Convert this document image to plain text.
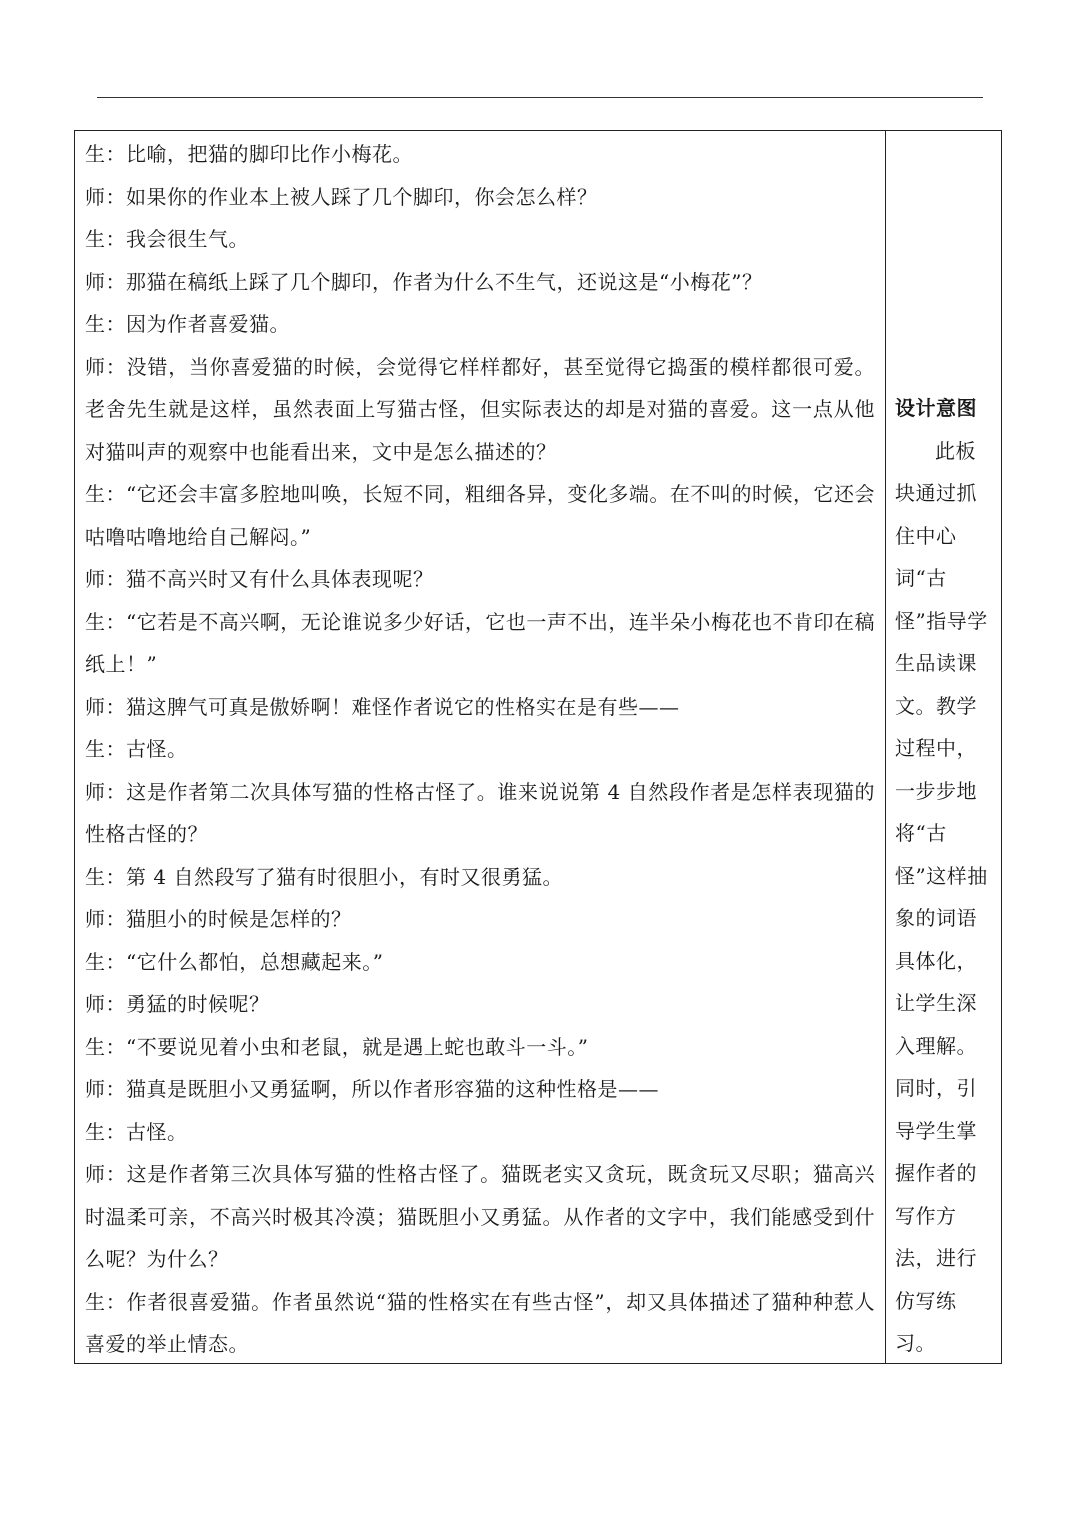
生：比喻，把猫的脚印比作小梅花。

师：如果你的作业本上被人踩了几个脚印，你会怎么样？

生：我会很生气。

师：那猫在稿纸上踩了几个脚印，作者为什么不生气，还说这是“小梅花”？

生：因为作者喜爱猫。

师：没错，当你喜爱猫的时候，会觉得它样样都好，甚至觉得它捣蛋的模样都很可爱。老舍先生就是这样，虽然表面上写猫古怪，但实际表达的却是对猫的喜爱。这一点从他对猫叫声的观察中也能看出来，文中是怎么描述的？

生：“它还会丰富多腔地叫唤，长短不同，粗细各异，变化多端。在不叫的时候，它还会咕噜咕噜地给自己解闷。”

师：猫不高兴时又有什么具体表现呢？

生：“它若是不高兴啊，无论谁说多少好话，它也一声不出，连半朵小梅花也不肯印在稿纸上！”

师：猫这脾气可真是傲娇啊！难怪作者说它的性格实在是有些——

生：古怪。

师：这是作者第二次具体写猫的性格古怪了。谁来说说第 4 自然段作者是怎样表现猫的性格古怪的？

生：第 4 自然段写了猫有时很胆小，有时又很勇猛。

师：猫胆小的时候是怎样的？

生：“它什么都怕，总想藏起来。”

师：勇猛的时候呢？

生：“不要说见着小虫和老鼠，就是遇上蛇也敢斗一斗。”

师：猫真是既胆小又勇猛啊，所以作者形容猫的这种性格是——

生：古怪。

师：这是作者第三次具体写猫的性格古怪了。猫既老实又贪玩，既贪玩又尽职；猫高兴时温柔可亲，不高兴时极其冷漠；猫既胆小又勇猛。从作者的文字中，我们能感受到什么呢？为什么？

生：作者很喜爱猫。作者虽然说“猫的性格实在有些古怪”，却又具体描述了猫种种惹人喜爱的举止情态。

设计意图

此板块通过抓住中心词“古怪”指导学生品读课文。教学过程中，一步步地将“古怪”这样抽象的词语具体化，让学生深入理解。同时，引导学生掌握作者的写作方法，进行仿写练习。
